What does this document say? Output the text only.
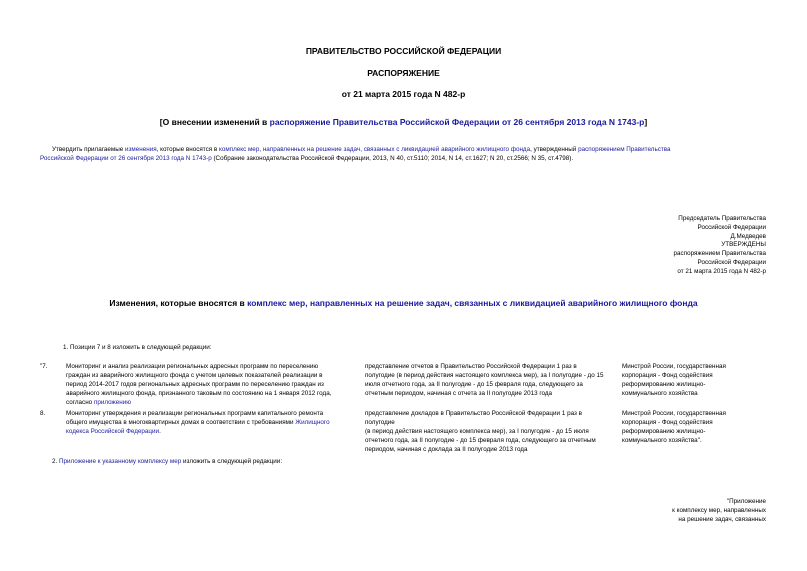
ПРАВИТЕЛЬСТВО РОССИЙСКОЙ ФЕДЕРАЦИИ
РАСПОРЯЖЕНИЕ
от 21 марта 2015 года N 482-р
[О внесении изменений в распоряжение Правительства Российской Федерации от 26 сентября 2013 года N 1743-р]
Утвердить прилагаемые изменения, которые вносятся в комплекс мер, направленных на решение задач, связанных с ликвидацией аварийного жилищного фонда, утвержденный распоряжением Правительства
Российской Федерации от 26 сентября 2013 года N 1743-р (Собрание законодательства Российской Федерации, 2013, N 40, ст.5110; 2014, N 14, ст.1627; N 20, ст.2566; N 35, ст.4798).
Председатель Правительства
Российской Федерации
Д.Медведев
УТВЕРЖДЕНЫ
распоряжением Правительства
Российской Федерации
от 21 марта 2015 года N 482-р
Изменения, которые вносятся в комплекс мер, направленных на решение задач, связанных с ликвидацией аварийного жилищного фонда
1. Позиции 7 и 8 изложить в следующей редакции:
"7.	Мониторинг и анализ реализации региональных адресных программ по переселению
граждан из аварийного жилищного фонда с учетом целевых показателей реализации в
период 2014-2017 годов региональных адресных программ по переселению граждан из
аварийного жилищного фонда, признанного таковым по состоянию на 1 января 2012 года,
согласно приложению
представление отчетов в Правительство Российской Федерации 1 раз в
полугодие (в период действия настоящего комплекса мер), за I полугодие - до 15
июля отчетного года, за II полугодие - до 15 февраля года, следующего за
отчетным периодом, начиная с отчета за II полугодие 2013 года
Минстрой России, государственная
корпорация - Фонд содействия
реформированию жилищно-
коммунального хозяйства
8.	Мониторинг утверждения и реализации региональных программ капитального ремонта
общего имущества в многоквартирных домах в соответствии с требованиями Жилищного
кодекса Российской Федерации.
представление докладов в Правительство Российской Федерации 1 раз в
полугодие
(в период действия настоящего комплекса мер), за I полугодие - до 15 июля
отчетного года, за II полугодие - до 15 февраля года, следующего за отчетным
периодом, начиная с доклада за II полугодие 2013 года
Минстрой России, государственная
корпорация - Фонд содействия
реформированию жилищно-
коммунального хозяйства".
2. Приложение к указанному комплексу мер изложить в следующей редакции:
"Приложение
к комплексу мер, направленных
на решение задач, связанных
